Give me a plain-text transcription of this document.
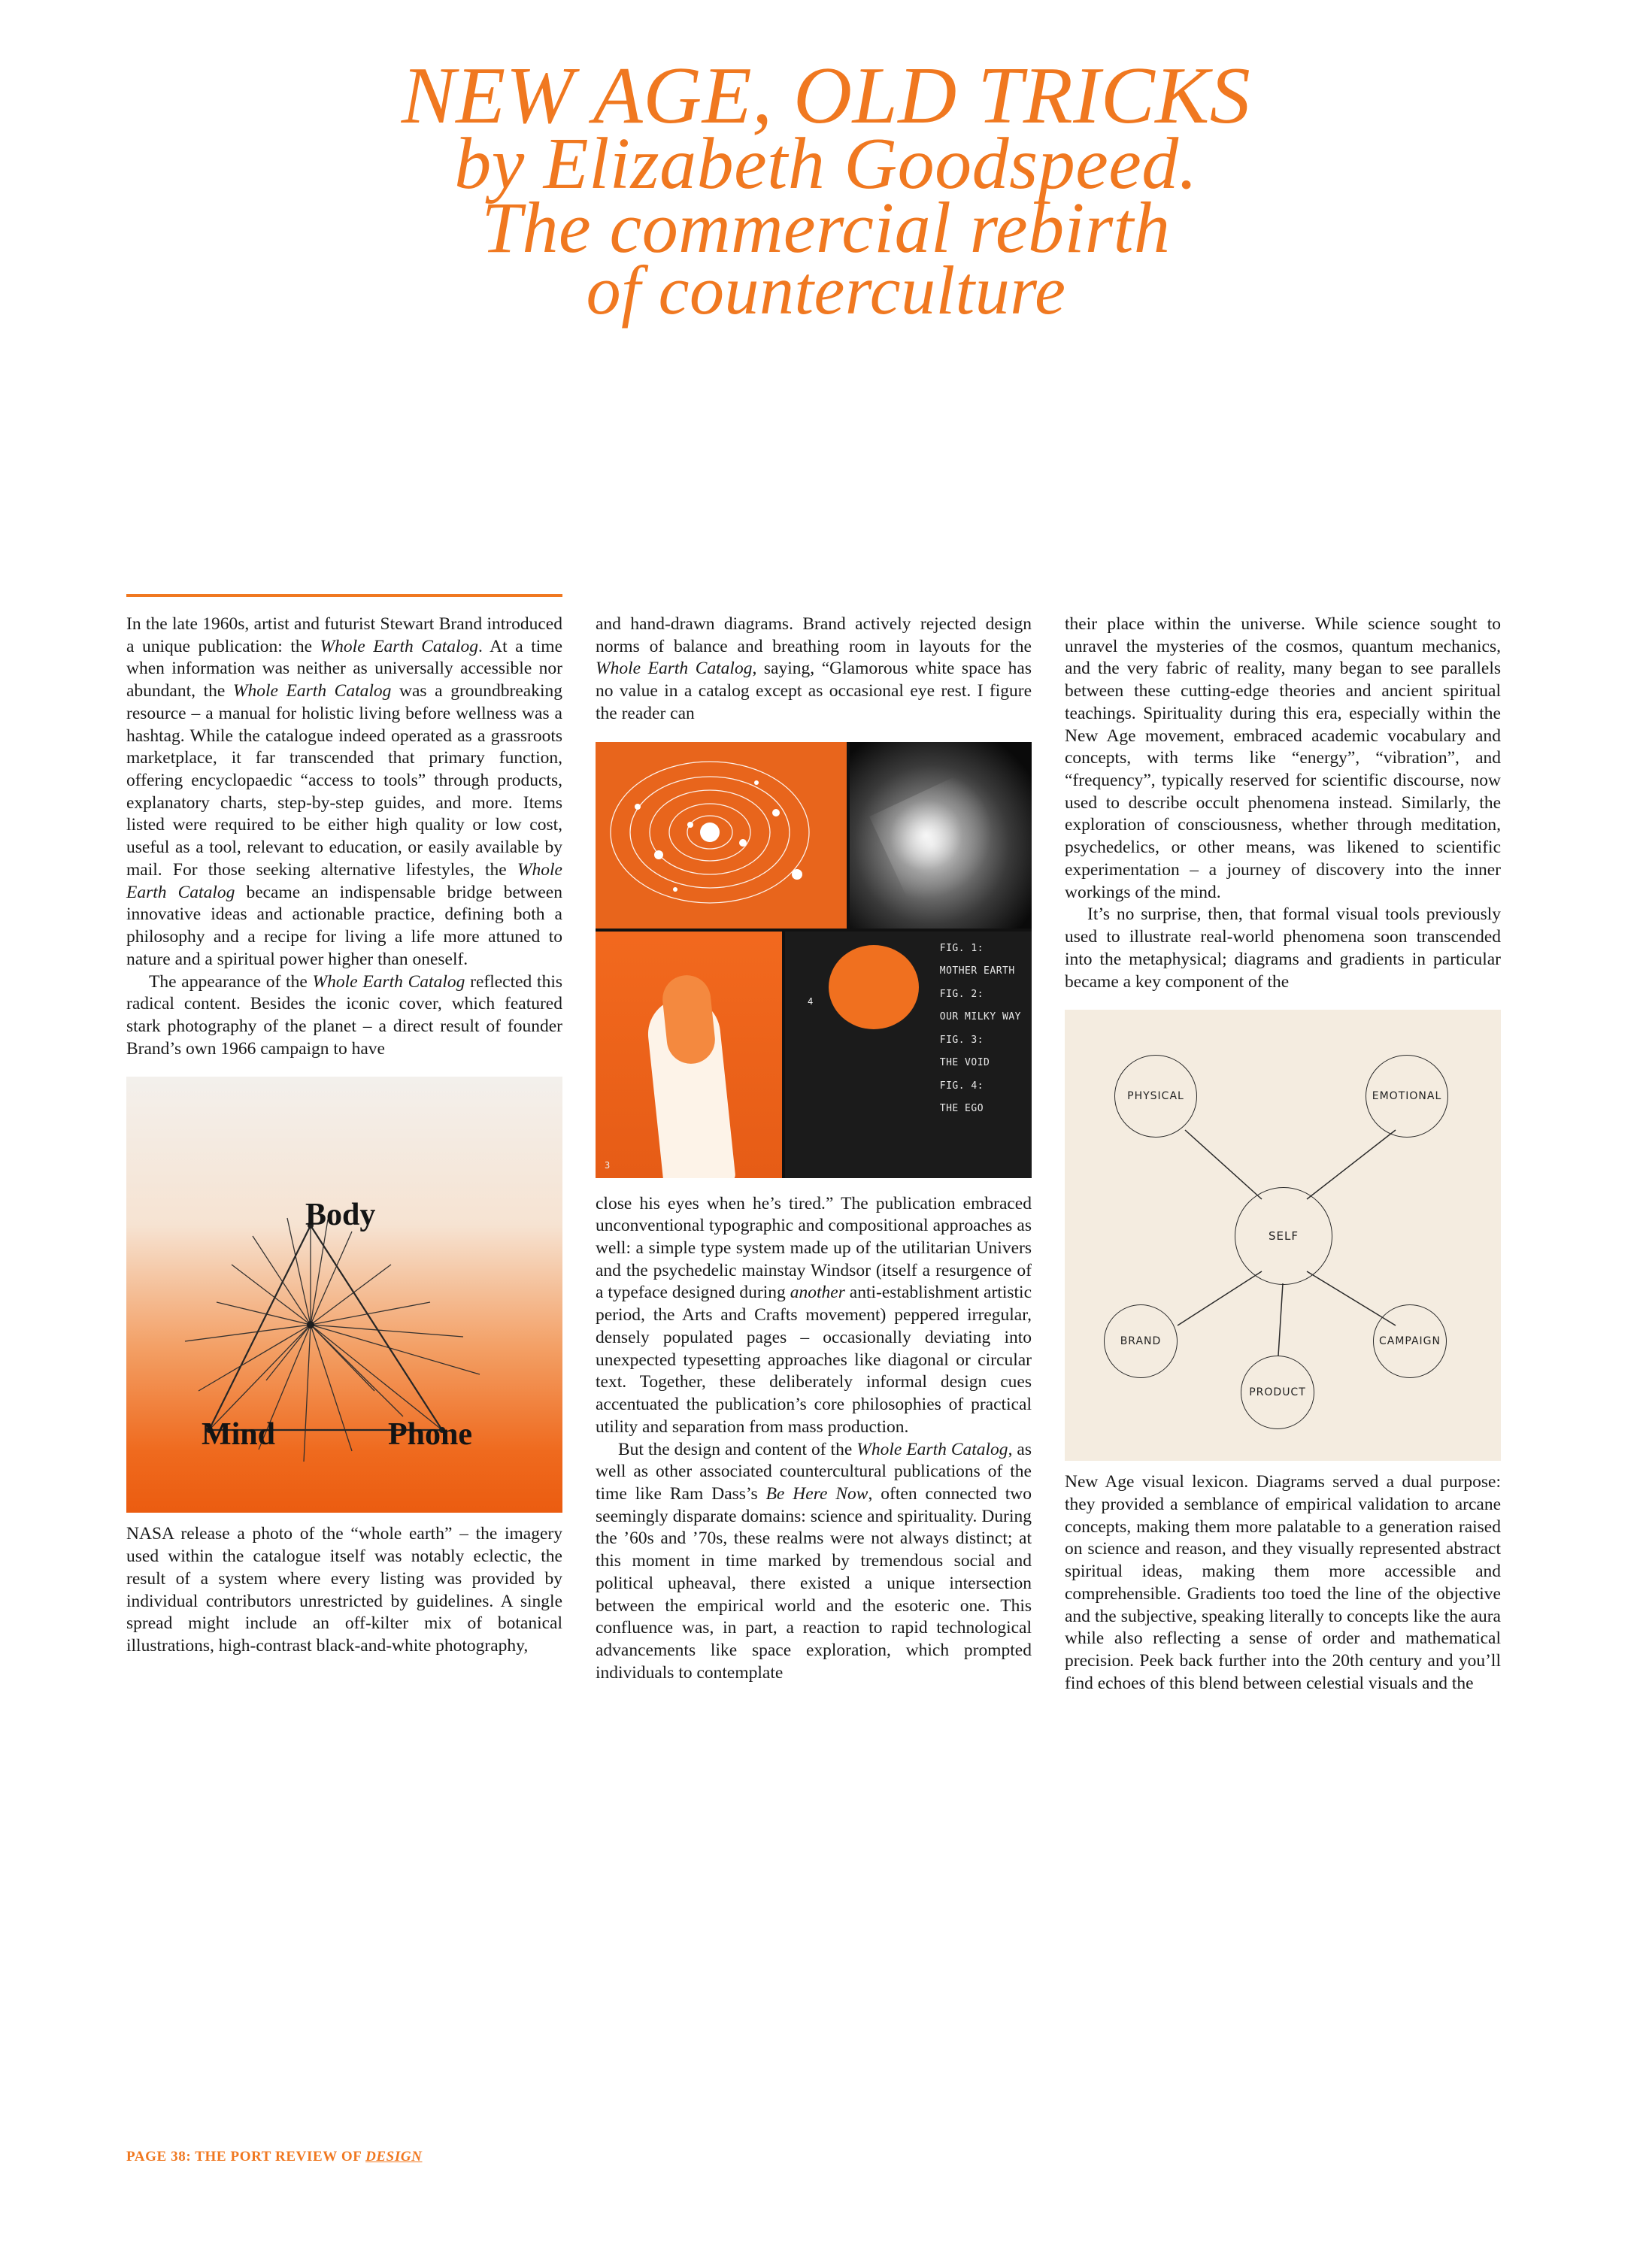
NEW AGE, OLD TRICKS
by Elizabeth Goodspeed.
The commercial rebirth
of counterculture

In the late 1960s, artist and futurist Stewart Brand introduced a unique publication: the Whole Earth Catalog. At a time when information was neither as universally accessible nor abundant, the Whole Earth Catalog was a groundbreaking resource – a manual for holistic living before wellness was a hashtag. While the catalogue indeed operated as a grassroots marketplace, it far transcended that primary function, offering encyclopaedic “access to tools” through products, explanatory charts, step-by-step guides, and more. Items listed were required to be either high quality or low cost, useful as a tool, relevant to education, or easily available by mail. For those seeking alternative lifestyles, the Whole Earth Catalog became an indispensable bridge between innovative ideas and actionable practice, defining both a philosophy and a recipe for living a life more attuned to nature and a spiritual power higher than oneself.

The appearance of the Whole Earth Catalog reflected this radical content. Besides the iconic cover, which featured stark photography of the planet – a direct result of founder Brand’s own 1966 campaign to have

Body
Mind	Phone

NASA release a photo of the “whole earth” – the imagery used within the catalogue itself was notably eclectic, the result of a system where every listing was provided by individual contributors unrestricted by guidelines. A single spread might include an off-kilter mix of botanical illustrations, high-contrast black-and-white photography,

and hand-drawn diagrams. Brand actively rejected design norms of balance and breathing room in layouts for the Whole Earth Catalog, saying, “Glamorous white space has no value in a catalog except as occasional eye rest. I figure the reader can

3
4
FIG. 1:
MOTHER EARTH
FIG. 2:
OUR MILKY WAY
FIG. 3:
THE VOID
FIG. 4:
THE EGO

close his eyes when he’s tired.” The publication embraced unconventional typographic and compositional approaches as well: a simple type system made up of the utilitarian Univers and the psychedelic mainstay Windsor (itself a resurgence of a typeface designed during another anti-establishment artistic period, the Arts and Crafts movement) peppered irregular, densely populated pages – occasionally deviating into unexpected typesetting approaches like diagonal or circular text. Together, these deliberately informal design cues accentuated the publication’s core philosophies of practical utility and separation from mass production.

But the design and content of the Whole Earth Catalog, as well as other associated countercultural publications of the time like Ram Dass’s Be Here Now, often connected two seemingly disparate domains: science and spirituality. During the ’60s and ’70s, these realms were not always distinct; at this moment in time marked by tremendous social and political upheaval, there existed a unique intersection between the empirical world and the esoteric one. This confluence was, in part, a reaction to rapid technological advancements like space exploration, which prompted individuals to contemplate

their place within the universe. While science sought to unravel the mysteries of the cosmos, quantum mechanics, and the very fabric of reality, many began to see parallels between these cutting-edge theories and ancient spiritual teachings. Spirituality during this era, especially within the New Age movement, embraced academic vocabulary and concepts, with terms like “energy”, “vibration”, and “frequency”, typically reserved for scientific discourse, now used to describe occult phenomena instead. Similarly, the exploration of consciousness, whether through meditation, psychedelics, or other means, was likened to scientific experimentation – a journey of discovery into the inner workings of the mind.

It’s no surprise, then, that formal visual tools previously used to illustrate real-world phenomena soon transcended into the metaphysical; diagrams and gradients in particular became a key component of the

SELF
PHYSICAL	EMOTIONAL
BRAND	CAMPAIGN
PRODUCT

New Age visual lexicon. Diagrams served a dual purpose: they provided a semblance of empirical validation to arcane concepts, making them more palatable to a generation raised on science and reason, and they visually represented abstract spiritual ideas, making them more accessible and comprehensible. Gradients too toed the line of the objective and the subjective, speaking literally to concepts like the aura while also reflecting a sense of order and mathematical precision. Peek back further into the 20th century and you’ll find echoes of this blend between celestial visuals and the

PAGE 38: THE PORT REVIEW OF DESIGN
